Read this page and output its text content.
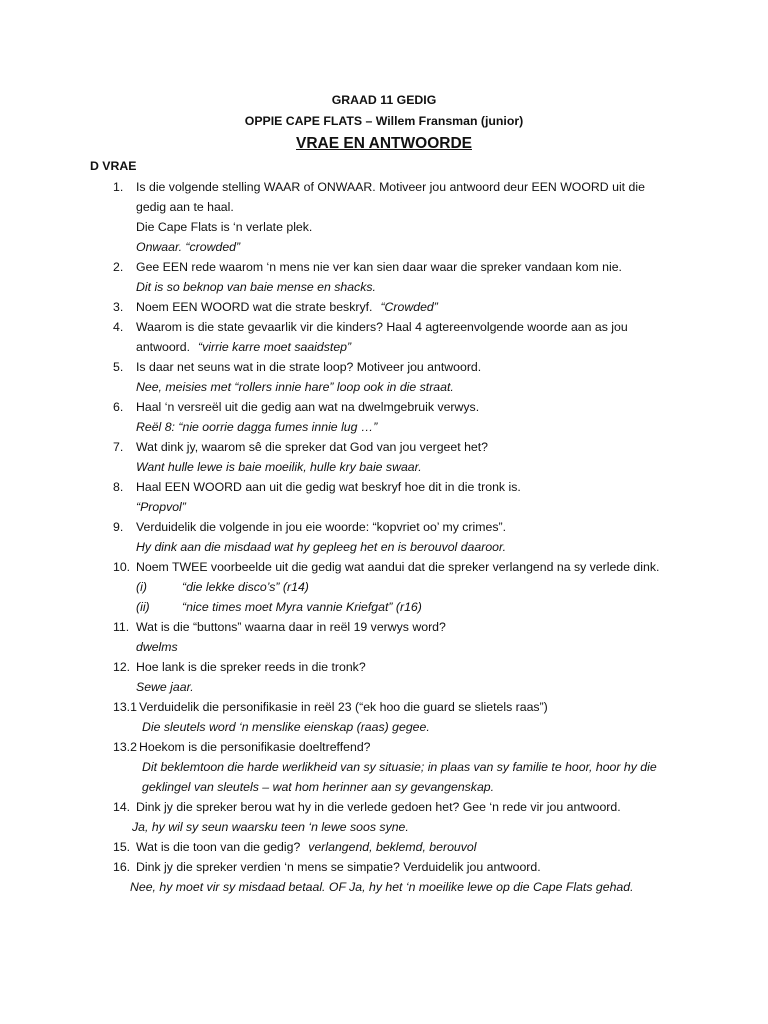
GRAAD 11 GEDIG
OPPIE CAPE FLATS – Willem Fransman (junior)
VRAE EN ANTWOORDE
D VRAE
1. Is die volgende stelling WAAR of ONWAAR. Motiveer jou antwoord deur EEN WOORD uit die
gedig aan te haal.
Die Cape Flats is ‘n verlate plek.
Onwaar. “crowded”
2. Gee EEN rede waarom ‘n mens nie ver kan sien daar waar die spreker vandaan kom nie.
Dit is so beknop van baie mense en shacks.
3. Noem EEN WOORD wat die strate beskryf. “Crowded”
4. Waarom is die state gevaarlik vir die kinders? Haal 4 agtereenvolgende woorde aan as jou
antwoord. “virrie karre moet saaidstep”
5. Is daar net seuns wat in die strate loop? Motiveer jou antwoord.
Nee, meisies met “rollers innie hare” loop ook in die straat.
6. Haal ‘n versreël uit die gedig aan wat na dwelmgebruik verwys.
Reël 8: “nie oorrie dagga fumes innie lug …”
7. Wat dink jy, waarom sê die spreker dat God van jou vergeet het?
Want hulle lewe is baie moeilik, hulle kry baie swaar.
8. Haal EEN WOORD aan uit die gedig wat beskryf hoe dit in die tronk is.
“Propvol”
9. Verduidelik die volgende in jou eie woorde: “kopvriet oo’ my crimes”.
Hy dink aan die misdaad wat hy gepleeg het en is berouvol daaroor.
10. Noem TWEE voorbeelde uit die gedig wat aandui dat die spreker verlangend na sy verlede dink.
(i)	“die lekke disco’s” (r14)
(ii)	“nice times moet Myra vannie Kriefgat” (r16)
11. Wat is die “buttons” waarna daar in reël 19 verwys word?
dwelms
12. Hoe lank is die spreker reeds in die tronk?
Sewe jaar.
13.1 Verduidelik die personifikasie in reël 23 (“ek hoo die guard se slietels raas”)
Die sleutels word ‘n menslike eienskap (raas) gegee.
13.2 Hoekom is die personifikasie doeltreffend?
Dit beklemtoon die harde werlikheid van sy situasie; in plaas van sy familie te hoor, hoor hy die
geklingel van sleutels – wat hom herinner aan sy gevangenskap.
14. Dink jy die spreker berou wat hy in die verlede gedoen het? Gee ‘n rede vir jou antwoord.
Ja, hy wil sy seun waarsku teen ‘n lewe soos syne.
15. Wat is die toon van die gedig? verlangend, beklemd, berouvol
16. Dink jy die spreker verdien ‘n mens se simpatie? Verduidelik jou antwoord.
Nee, hy moet vir sy misdaad betaal. OF Ja, hy het ‘n moeilike lewe op die Cape Flats gehad.
